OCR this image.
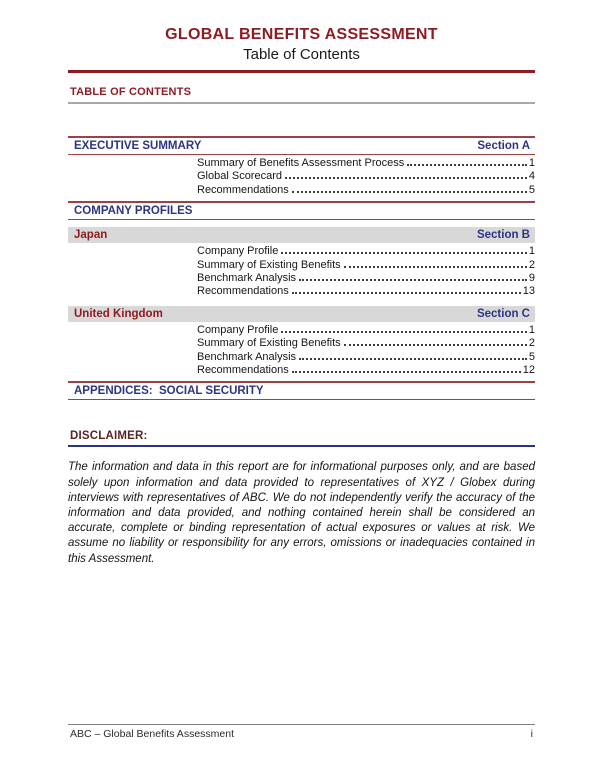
GLOBAL BENEFITS ASSESSMENT
Table of Contents
TABLE OF CONTENTS
EXECUTIVE SUMMARY	Section A
Summary of Benefits Assessment Process	1
Global Scorecard	4
Recommendations	5
COMPANY PROFILES
Japan	Section B
Company Profile	1
Summary of Existing Benefits	2
Benchmark Analysis	9
Recommendations	13
United Kingdom	Section C
Company Profile	1
Summary of Existing Benefits	2
Benchmark Analysis	5
Recommendations	12
APPENDICES:  SOCIAL SECURITY
DISCLAIMER:

The information and data in this report are for informational purposes only, and are based solely upon information and data provided to representatives of XYZ / Globex during interviews with representatives of ABC. We do not independently verify the accuracy of the information and data provided, and nothing contained herein shall be considered an accurate, complete or binding representation of actual exposures or values at risk. We assume no liability or responsibility for any errors, omissions or inadequacies contained in this Assessment.

ABC – Global Benefits Assessment	i
